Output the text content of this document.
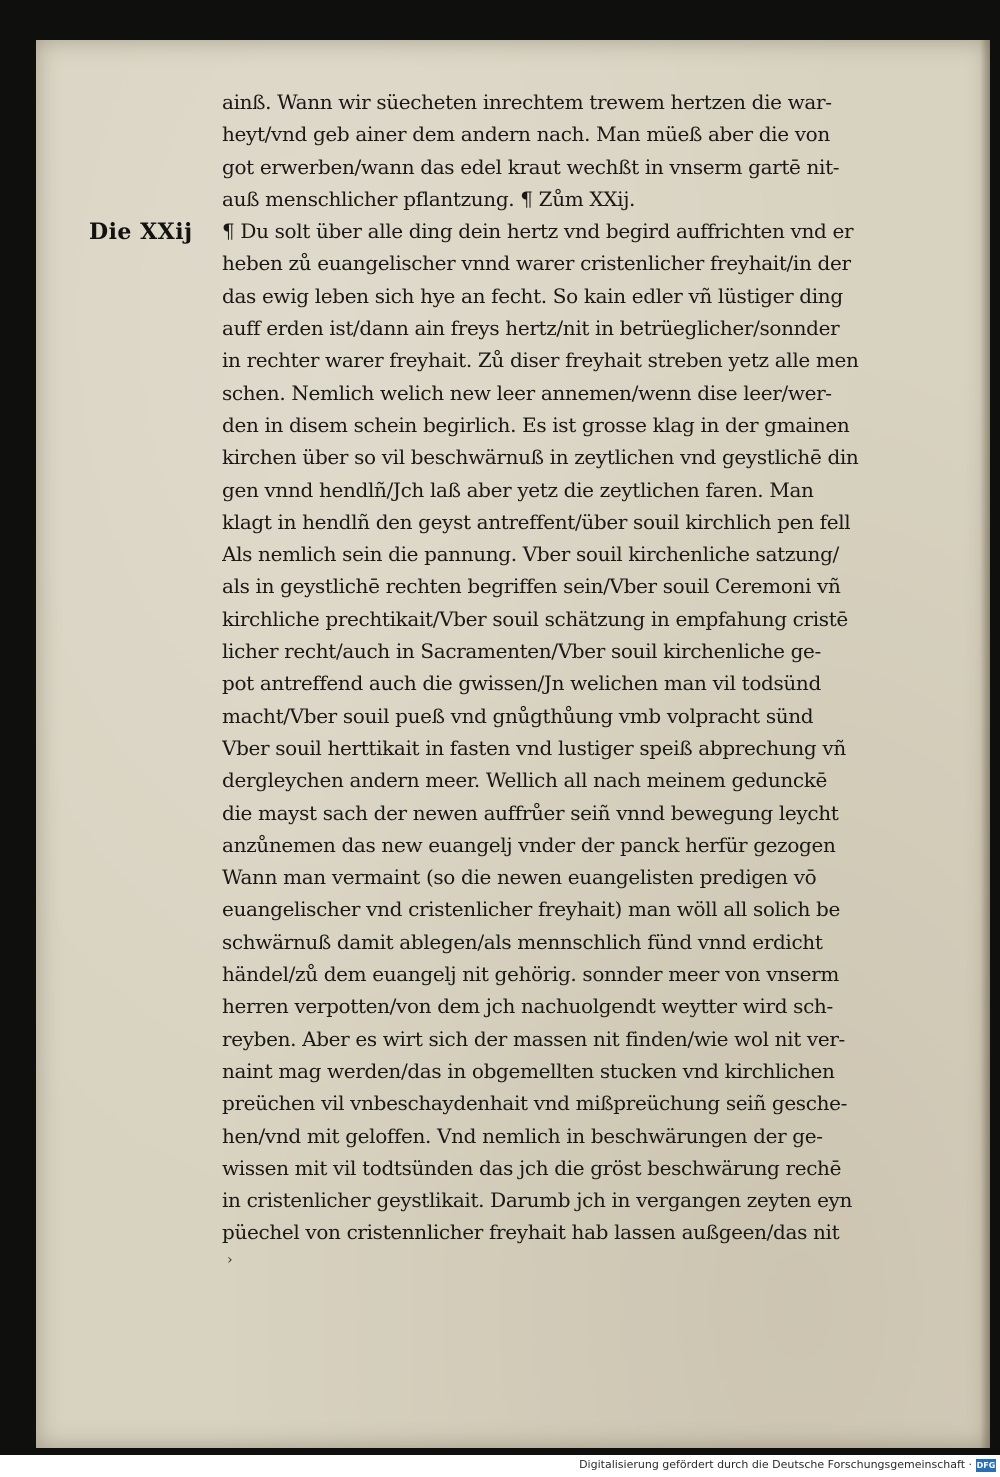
Die XXij
ainß. Wann wir süecheten inrechtem trewem hertzen die war-
heyt/vnd geb ainer dem andern nach. Man müeß aber die von
got erwerben/wann das edel kraut wechßt in vnserm gartē nit-
auß menschlicher pflantzung. ¶ Zům XXij.
¶ Du solt über alle ding dein hertz vnd begird auffrichten vnd er
heben zů euangelischer vnnd warer cristenlicher freyhait/in der
das ewig leben sich hye an fecht. So kain edler vñ lüstiger ding
auff erden ist/dann ain freys hertz/nit in betrüeglicher/sonnder
in rechter warer freyhait. Zů diser freyhait streben yetz alle men
schen. Nemlich welich new leer annemen/wenn dise leer/wer-
den in disem schein begirlich. Es ist grosse klag in der gmainen
kirchen über so vil beschwärnuß in zeytlichen vnd geystlichē din
gen vnnd hendlñ/Jch laß aber yetz die zeytlichen faren. Man
klagt in hendlñ den geyst antreffent/über souil kirchlich pen fell
Als nemlich sein die pannung. Vber souil kirchenliche satzung/
als in geystlichē rechten begriffen sein/Vber souil Ceremoni vñ
kirchliche prechtikait/Vber souil schätzung in empfahung cristē
licher recht/auch in Sacramenten/Vber souil kirchenliche ge-
pot antreffend auch die gwissen/Jn welichen man vil todsünd
macht/Vber souil pueß vnd gnůgthůung vmb volpracht sünd
Vber souil herttikait in fasten vnd lustiger speiß abprechung vñ
dergleychen andern meer. Wellich all nach meinem gedunckē
die mayst sach der newen auffrůer seiñ vnnd bewegung leycht
anzůnemen das new euangelj vnder der panck herfür gezogen
Wann man vermaint (so die newen euangelisten predigen vō
euangelischer vnd cristenlicher freyhait) man wöll all solich be
schwärnuß damit ablegen/als mennschlich fünd vnnd erdicht
händel/zů dem euangelj nit gehörig. sonnder meer von vnserm
herren verpotten/von dem jch nachuolgendt weytter wird sch-
reyben. Aber es wirt sich der massen nit finden/wie wol nit ver-
naint mag werden/das in obgemellten stucken vnd kirchlichen
preüchen vil vnbeschaydenhait vnd mißpreüchung seiñ gesche-
hen/vnd mit geloffen. Vnd nemlich in beschwärungen der ge-
wissen mit vil todtsünden das jch die gröst beschwärung rechē
in cristenlicher geystlikait. Darumb jch in vergangen zeyten eyn
püechel von cristennlicher freyhait hab lassen außgeen/das nit
›
Digitalisierung gefördert durch die Deutsche Forschungsgemeinschaft · DFG
